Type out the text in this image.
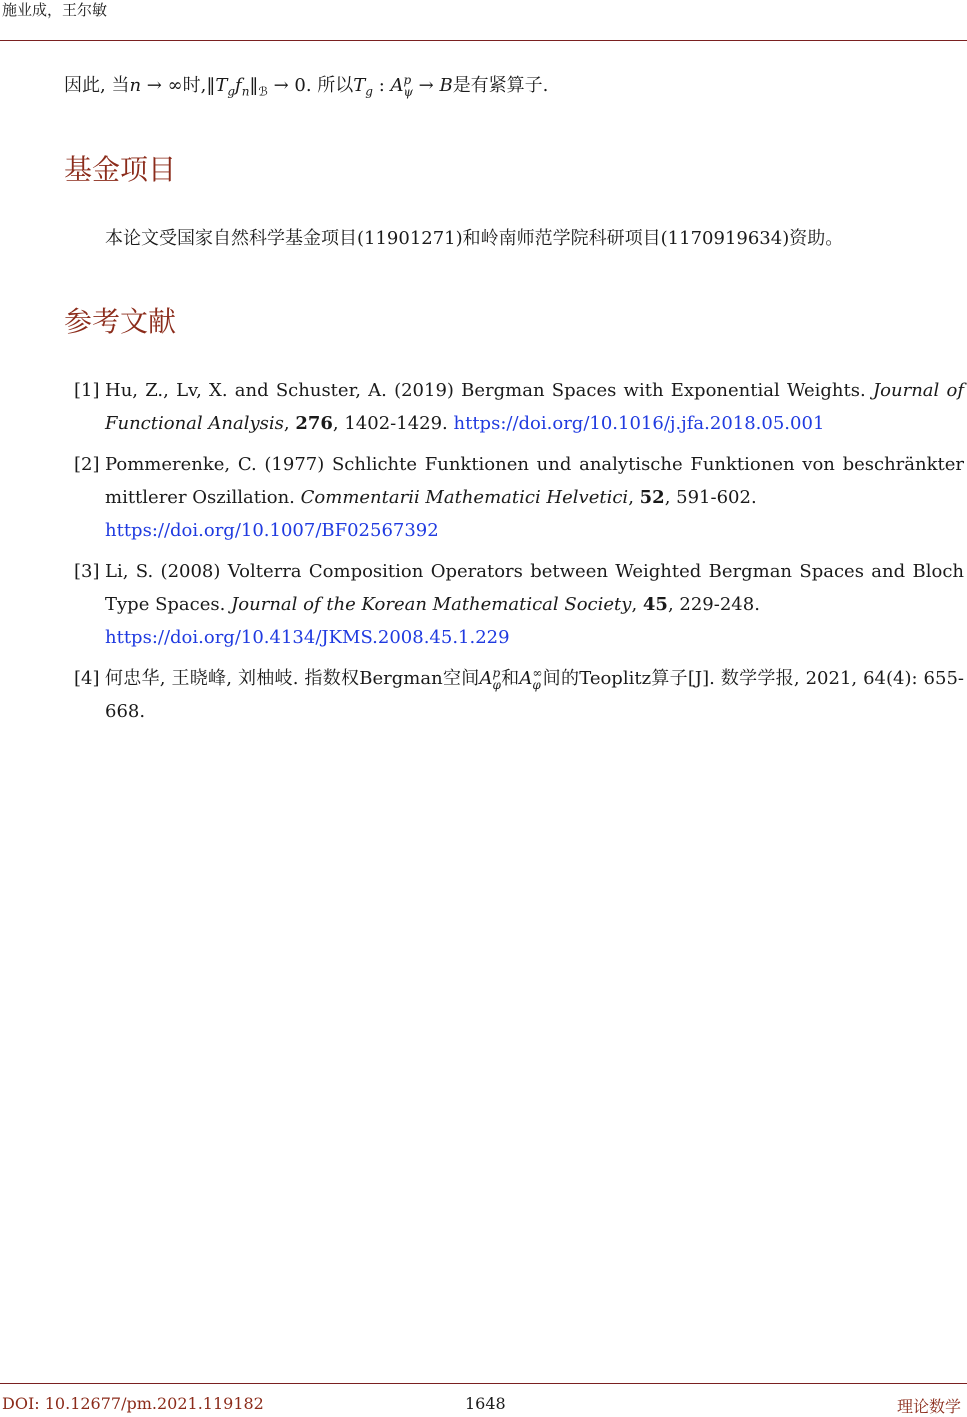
施业成，王尔敏
因此, 当n → ∞时$,‖T_gf_n‖_ℬ \to 0$. 所以$T_g$ : A p
ψ → B是有紧算子.
基金项目
本论文受国家自然科学基金项目(11901271)和岭南师范学院科研项目(1170919634)资助。
参考文献
[1] Hu, Z., Lv, X. and Schuster, A. (2019) Bergman Spaces with Exponential Weights. Journal of Functional Analysis, 276, 1402-1429. https://doi.org/10.1016/j.jfa.2018.05.001
[2] Pommerenke, C. (1977) Schlichte Funktionen und analytische Funktionen von beschränkter mittlerer Oszillation. Commentarii Mathematici Helvetici, 52, 591-602.
https://doi.org/10.1007/BF02567392
[3] Li, S. (2008) Volterra Composition Operators between Weighted Bergman Spaces and Bloch Type Spaces. Journal of the Korean Mathematical Society, 45, 229-248.
https://doi.org/10.4134/JKMS.2008.45.1.229
[4] 何忠华, 王晓峰, 刘柚岐. 指数权Bergman空间A p
φ 和A ∞
φ 间的Teoplitz算子[J]. 数学学报, 2021, 64(4): 655-668.
DOI: 10.12677/pm.2021.119182	1648	理论数学
